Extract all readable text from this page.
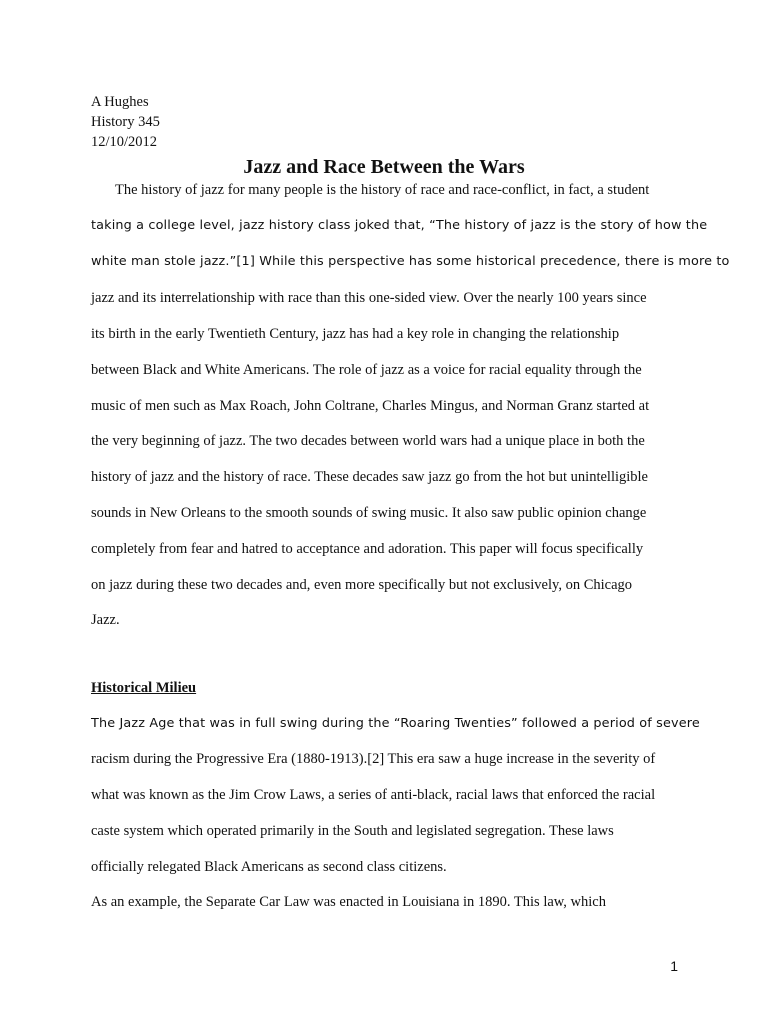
A Hughes
History 345
12/10/2012
Jazz and Race Between the Wars
The history of jazz for many people is the history of race and race-conflict, in fact, a student
taking a college level, jazz history class joked that, “The history of jazz is the story of how the
white man stole jazz.”[1] While this perspective has some historical precedence, there is more to
jazz and its interrelationship with race than this one-sided view. Over the nearly 100 years since
its birth in the early Twentieth Century, jazz has had a key role in changing the relationship
between Black and White Americans. The role of jazz as a voice for racial equality through the
music of men such as Max Roach, John Coltrane, Charles Mingus, and Norman Granz started at
the very beginning of jazz. The two decades between world wars had a unique place in both the
history of jazz and the history of race. These decades saw jazz go from the hot but unintelligible
sounds in New Orleans to the smooth sounds of swing music. It also saw public opinion change
completely from fear and hatred to acceptance and adoration. This paper will focus specifically
on jazz during these two decades and, even more specifically but not exclusively, on Chicago
Jazz.
Historical Milieu
The Jazz Age that was in full swing during the “Roaring Twenties” followed a period of severe
racism during the Progressive Era (1880-1913).[2] This era saw a huge increase in the severity of
what was known as the Jim Crow Laws, a series of anti-black, racial laws that enforced the racial
caste system which operated primarily in the South and legislated segregation. These laws
officially relegated Black Americans as second class citizens.
As an example, the Separate Car Law was enacted in Louisiana in 1890. This law, which
1
